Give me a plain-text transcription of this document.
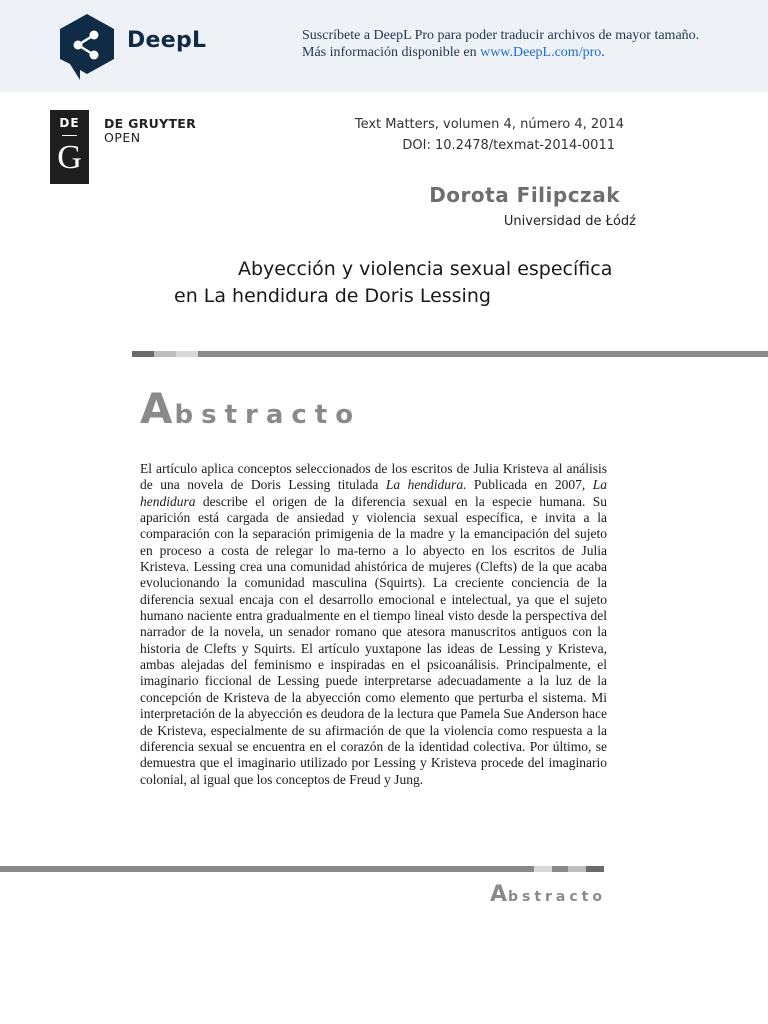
DeepL	Suscríbete a DeepL Pro para poder traducir archivos de mayor tamaño.
Más información disponible en www.DeepL.com/pro.
DE
G
DE GRUYTER
OPEN
Text Matters, volumen 4, número 4, 2014
DOI: 10.2478/texmat-2014-0011
Dorota Filipczak
Universidad de Łódź
Abyección y violencia sexual específica en La hendidura de Doris Lessing
Abstracto
El artículo aplica conceptos seleccionados de los escritos de Julia Kristeva al análisis de una novela de Doris Lessing titulada La hendidura. Publicada en 2007, La hendidura describe el origen de la diferencia sexual en la especie humana. Su aparición está cargada de ansiedad y violencia sexual específica, e invita a la comparación con la separación primigenia de la madre y la emancipación del sujeto en proceso a costa de relegar lo ma-terno a lo abyecto en los escritos de Julia Kristeva. Lessing crea una comunidad ahistórica de mujeres (Clefts) de la que acaba evolucionando la comunidad masculina (Squirts). La creciente conciencia de la diferencia sexual encaja con el desarrollo emocional e intelectual, ya que el sujeto humano naciente entra gradualmente en el tiempo lineal visto desde la perspectiva del narrador de la novela, un senador romano que atesora manuscritos antiguos con la historia de Clefts y Squirts. El artículo yuxtapone las ideas de Lessing y Kristeva, ambas alejadas del feminismo e inspiradas en el psicoanálisis. Principalmente, el imaginario ficcional de Lessing puede interpretarse adecuadamente a la luz de la concepción de Kristeva de la abyección como elemento que perturba el sistema. Mi interpretación de la abyección es deudora de la lectura que Pamela Sue Anderson hace de Kristeva, especialmente de su afirmación de que la violencia como respuesta a la diferencia sexual se encuentra en el corazón de la identidad colectiva. Por último, se demuestra que el imaginario utilizado por Lessing y Kristeva procede del imaginario colonial, al igual que los conceptos de Freud y Jung.
Abstracto
